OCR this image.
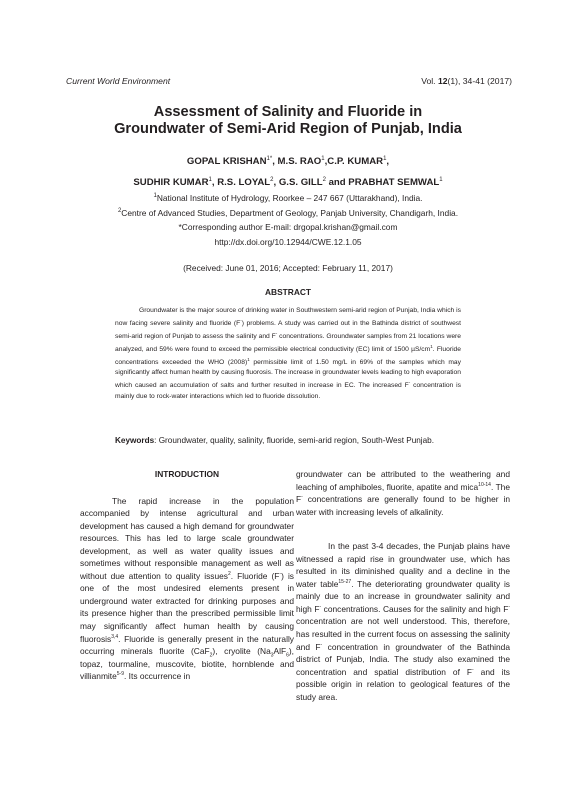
Current World Environment	Vol. 12(1), 34-41 (2017)
Assessment of Salinity and Fluoride in
Groundwater of Semi-Arid Region of Punjab, India
GOPAL $KRISHAN^{1*}$, M.S. RAO$^1$,C.P. KUMAR$^1$,
SUDHIR KUMAR$^1$, R.S. LOYAL$^2$, G.S. GILL$^2$ and PRABHAT SEMWAL$^1$
$^1$National Institute of Hydrology, Roorkee – 247 667 (Uttarakhand), India.
$^2$Centre of Advanced Studies, Department of Geology, Panjab University, Chandigarh, India.
*Corresponding author E-mail: drgopal.krishan@gmail.com
http://dx.doi.org/10.12944/CWE.12.1.05
(Received: June 01, 2016; Accepted: February 11, 2017)
ABSTRACT
Groundwater is the major source of drinking water in Southwestern semi-arid region of Punjab, India which is now facing severe salinity and fluoride (F-) problems. A study was carried out in the Bathinda district of southwest semi-arid region of Punjab to assess the salinity and F- concentrations. Groundwater samples from 21 locations were analyzed, and 59% were found to exceed the permissible electrical conductivity (EC) limit of 1500 $\mu S/cm^1$. Fluoride concentrations exceeded the WHO $(2008)^1$ permissible limit of 1.50 mg/L in 69% of the samples which may significantly affect human health by causing fluorosis. The increase in groundwater levels leading to high evaporation which caused an accumulation of salts and further resulted in increase in EC. The increased F- concentration is mainly due to rock-water interactions which led to fluoride dissolution.
Keywords: Groundwater, quality, salinity, fluoride, semi-arid region, South-West Punjab.
INTRODUCTION

The rapid increase in the population accompanied by intense agricultural and urban development has caused a high demand for groundwater resources. This has led to large scale groundwater development, as well as water quality issues and sometimes without responsible management as well as without due attention to quality issues$^2$. Fluoride (F-) is one of the most undesired elements present in underground water extracted for drinking purposes and its presence higher than the prescribed permissible limit may significantly affect human health by causing fluorosis$^{3,4}$. Fluoride is generally present in the naturally occurring minerals fluorite (CaF$_2$), cryolite $(Na_3AlF_6)$, topaz, tourmaline, muscovite, biotite, hornblende and villianmite$^{5-9}$. Its occurrence in

groundwater can be attributed to the weathering and leaching of amphiboles, fluorite, apatite and mica$^{10-14}$. The F- concentrations are generally found to be higher in water with increasing levels of alkalinity.

In the past 3-4 decades, the Punjab plains have witnessed a rapid rise in groundwater use, which has resulted in its diminished quality and a decline in the water table$^{15-27}$. The deteriorating groundwater quality is mainly due to an increase in groundwater salinity and high F- concentrations. Causes for the salinity and high F- concentration are not well understood. This, therefore, has resulted in the current focus on assessing the salinity and F- concentration in groundwater of the Bathinda district of Punjab, India. The study also examined the concentration and spatial distribution of F- and its possible origin in relation to geological features of the study area.
